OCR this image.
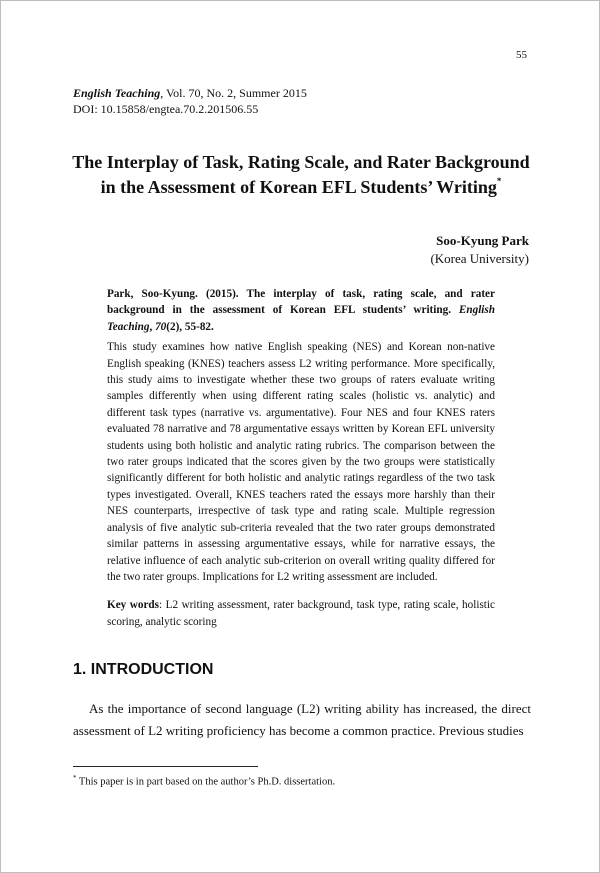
55
English Teaching, Vol. 70, No. 2, Summer 2015
DOI: 10.15858/engtea.70.2.201506.55
The Interplay of Task, Rating Scale, and Rater Background
in the Assessment of Korean EFL Students’ Writing*
Soo-Kyung Park
(Korea University)

Park, Soo-Kyung. (2015). The interplay of task, rating scale, and rater background in the assessment of Korean EFL students’ writing. English Teaching, 70(2), 55-82.

This study examines how native English speaking (NES) and Korean non-native English speaking (KNES) teachers assess L2 writing performance. More specifically, this study aims to investigate whether these two groups of raters evaluate writing samples differently when using different rating scales (holistic vs. analytic) and different task types (narrative vs. argumentative). Four NES and four KNES raters evaluated 78 narrative and 78 argumentative essays written by Korean EFL university students using both holistic and analytic rating rubrics. The comparison between the two rater groups indicated that the scores given by the two groups were statistically significantly different for both holistic and analytic ratings regardless of the two task types investigated. Overall, KNES teachers rated the essays more harshly than their NES counterparts, irrespective of task type and rating scale. Multiple regression analysis of five analytic sub-criteria revealed that the two rater groups demonstrated similar patterns in assessing argumentative essays, while for narrative essays, the relative influence of each analytic sub-criterion on overall writing quality differed for the two rater groups. Implications for L2 writing assessment are included.

Key words: L2 writing assessment, rater background, task type, rating scale, holistic scoring, analytic scoring

1. INTRODUCTION

As the importance of second language (L2) writing ability has increased, the direct assessment of L2 writing proficiency has become a common practice. Previous studies

* This paper is in part based on the author’s Ph.D. dissertation.
